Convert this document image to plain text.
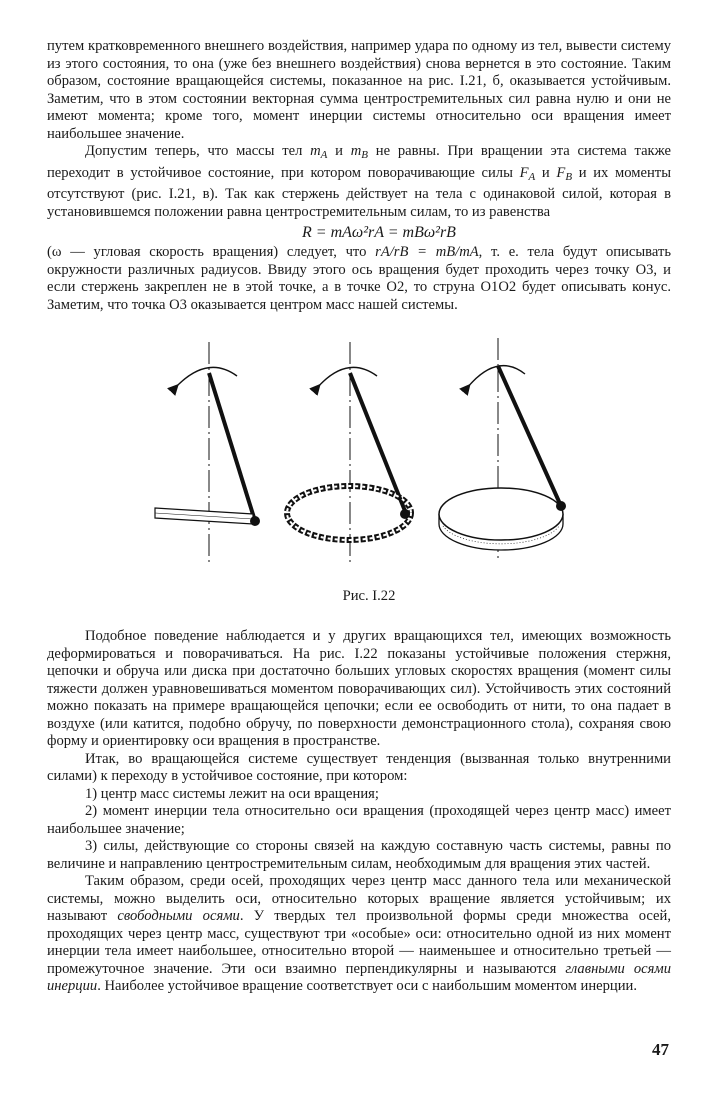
путем кратковременного внешнего воздействия, например удара по одному из тел, вывести систему из этого состояния, то она (уже без внешнего воздействия) снова вернется в это состояние. Таким образом, состояние вращающейся системы, показанное на рис. I.21, б, оказывается устойчивым. Заметим, что в этом состоянии векторная сумма центростремительных сил равна нулю и они не имеют момента; кроме того, момент инерции системы относительно оси вращения имеет наибольшее значение.

Допустим теперь, что массы тел $m_A$ и $m_B$ не равны. При вращении эта система также переходит в устойчивое состояние, при котором поворачивающие силы $F_A$ и $F_B$ и их моменты отсутствуют (рис. I.21, в). Так как стержень действует на тела с одинаковой силой, которая в установившемся положении равна центростремительным силам, то из равенства

R = mAω²rA = mBω²rB

(ω — угловая скорость вращения) следует, что rA/rB = mB/mA, т. е. тела будут описывать окружности различных радиусов. Ввиду этого ось вращения будет проходить через точку O3, и если стержень закреплен не в этой точке, а в точке O2, то струна O1O2 будет описывать конус. Заметим, что точка O3 оказывается центром масс нашей системы.

Рис. I.22

Подобное поведение наблюдается и у других вращающихся тел, имеющих возможность деформироваться и поворачиваться. На рис. I.22 показаны устойчивые положения стержня, цепочки и обруча или диска при достаточно больших угловых скоростях вращения (момент силы тяжести должен уравновешиваться моментом поворачивающих сил). Устойчивость этих состояний можно показать на примере вращающейся цепочки; если ее освободить от нити, то она падает в воздухе (или катится, подобно обручу, по поверхности демонстрационного стола), сохраняя свою форму и ориентировку оси вращения в пространстве.

Итак, во вращающейся системе существует тенденция (вызванная только внутренними силами) к переходу в устойчивое состояние, при котором:

1) центр масс системы лежит на оси вращения;

2) момент инерции тела относительно оси вращения (проходящей через центр масс) имеет наибольшее значение;

3) силы, действующие со стороны связей на каждую составную часть системы, равны по величине и направлению центростремительным силам, необходимым для вращения этих частей.

Таким образом, среди осей, проходящих через центр масс данного тела или механической системы, можно выделить оси, относительно которых вращение является устойчивым; их называют свободными осями. У твердых тел произвольной формы среди множества осей, проходящих через центр масс, существуют три «особые» оси: относительно одной из них момент инерции тела имеет наибольшее, относительно второй — наименьшее и относительно третьей — промежуточное значение. Эти оси взаимно перпендикулярны и называются главными осями инерции. Наиболее устойчивое вращение соответствует оси с наибольшим моментом инерции.

47
